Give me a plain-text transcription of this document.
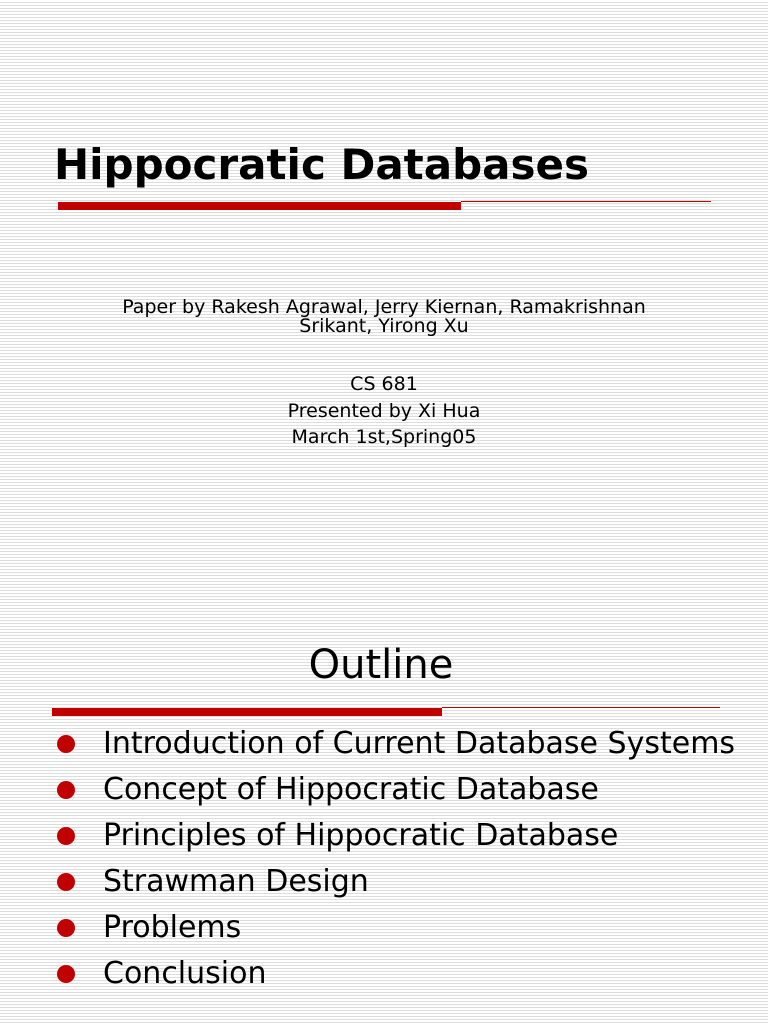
Hippocratic Databases
Paper by Rakesh Agrawal, Jerry Kiernan, Ramakrishnan
Srikant, Yirong Xu
CS 681
Presented by Xi Hua
March 1st,Spring05
Outline
Introduction of Current Database Systems
Concept of Hippocratic Database
Principles of Hippocratic Database
Strawman Design
Problems
Conclusion
